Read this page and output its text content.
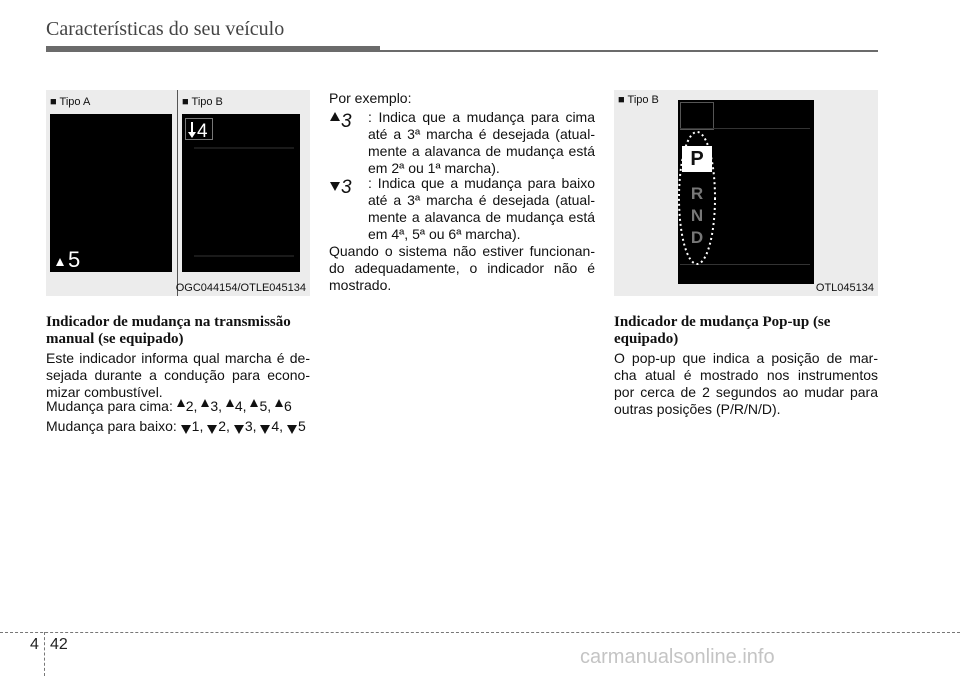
Características do seu veículo
■ Tipo A	■ Tipo B
5
4
OGC044154/OTLE045134
Indicador de mudança na transmissão manual (se equipado)
Este indicador informa qual marcha é de-sejada durante a condução para econo-mizar combustível.
Mudança para cima: 2, 3, 4, 5, 6
Mudança para baixo: 1, 2, 3, 4, 5
Por exemplo:
3 : Indica que a mudança para cima até a 3ª marcha é desejada (atual-mente a alavanca de mudança está em 2ª ou 1ª marcha).
3 : Indica que a mudança para baixo até a 3ª marcha é desejada (atual-mente a alavanca de mudança está em 4ª, 5ª ou 6ª marcha).
Quando o sistema não estiver funcionan-do adequadamente, o indicador não é mostrado.
■ Tipo B
P
R
N
D
OTL045134
Indicador de mudança Pop-up (se equipado)
O pop-up que indica a posição de mar-cha atual é mostrado nos instrumentos por cerca de 2 segundos ao mudar para outras posições (P/R/N/D).
4 42
carmanualsonline.info
